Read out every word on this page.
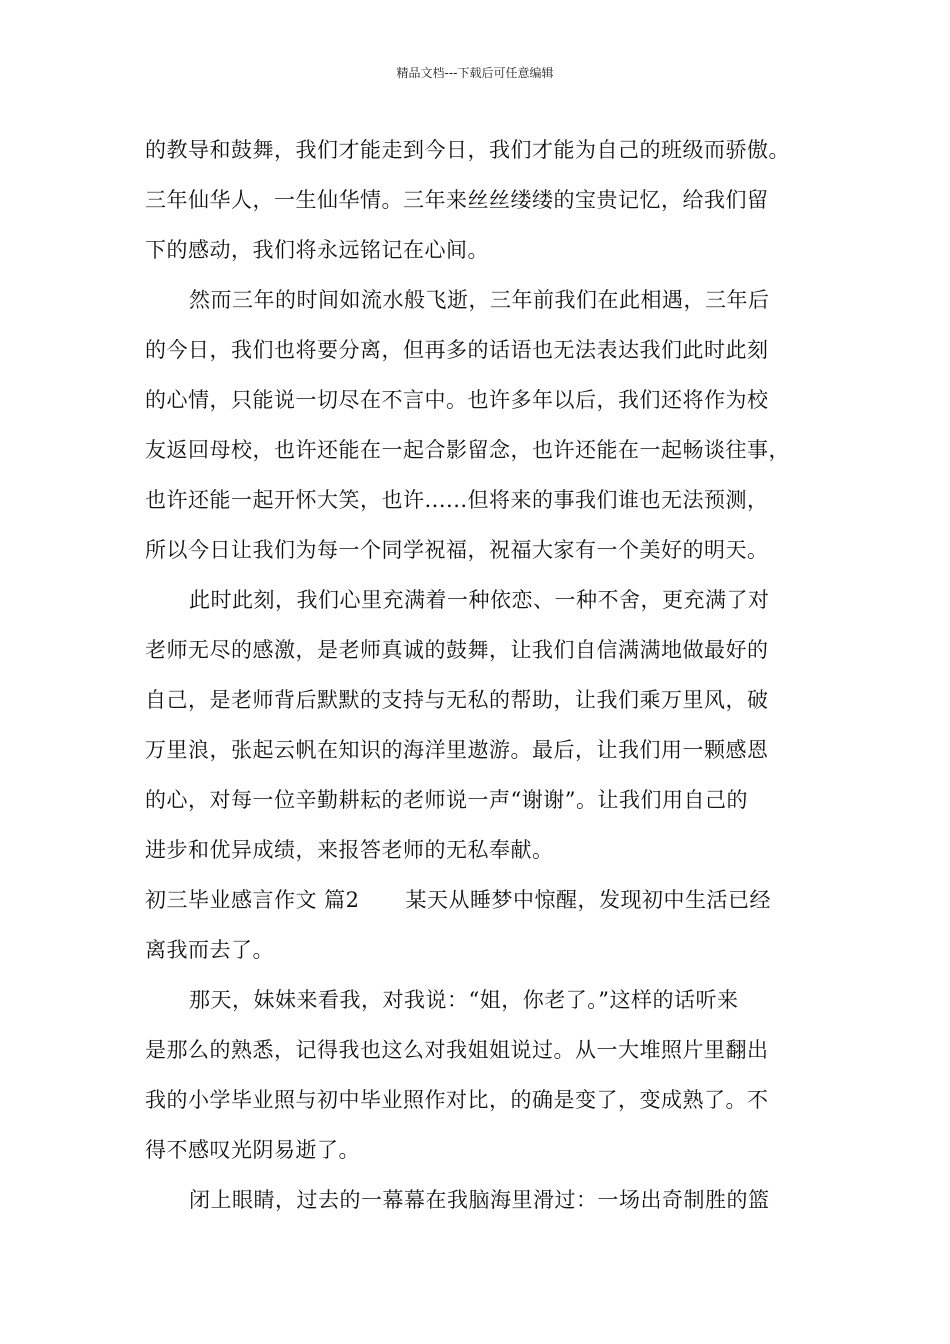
精品文档---下载后可任意编辑
的教导和鼓舞，我们才能走到今日，我们才能为自己的班级而骄傲。
三年仙华人，一生仙华情。三年来丝丝缕缕的宝贵记忆，给我们留
下的感动，我们将永远铭记在心间。
然而三年的时间如流水般飞逝，三年前我们在此相遇，三年后
的今日，我们也将要分离，但再多的话语也无法表达我们此时此刻
的心情，只能说一切尽在不言中。也许多年以后，我们还将作为校
友返回母校，也许还能在一起合影留念，也许还能在一起畅谈往事，
也许还能一起开怀大笑，也许......但将来的事我们谁也无法预测，
所以今日让我们为每一个同学祝福，祝福大家有一个美好的明天。
此时此刻，我们心里充满着一种依恋、一种不舍，更充满了对
老师无尽的感激，是老师真诚的鼓舞，让我们自信满满地做最好的
自己，是老师背后默默的支持与无私的帮助，让我们乘万里风，破
万里浪，张起云帆在知识的海洋里遨游。最后，让我们用一颗感恩
的心，对每一位辛勤耕耘的老师说一声“谢谢”。让我们用自己的
进步和优异成绩，来报答老师的无私奉献。
初三毕业感言作文 篇2 某天从睡梦中惊醒，发现初中生活已经
离我而去了。
那天，妹妹来看我，对我说：“姐，你老了。”这样的话听来
是那么的熟悉，记得我也这么对我姐姐说过。从一大堆照片里翻出
我的小学毕业照与初中毕业照作对比，的确是变了，变成熟了。不
得不感叹光阴易逝了。
闭上眼睛，过去的一幕幕在我脑海里滑过：一场出奇制胜的篮
